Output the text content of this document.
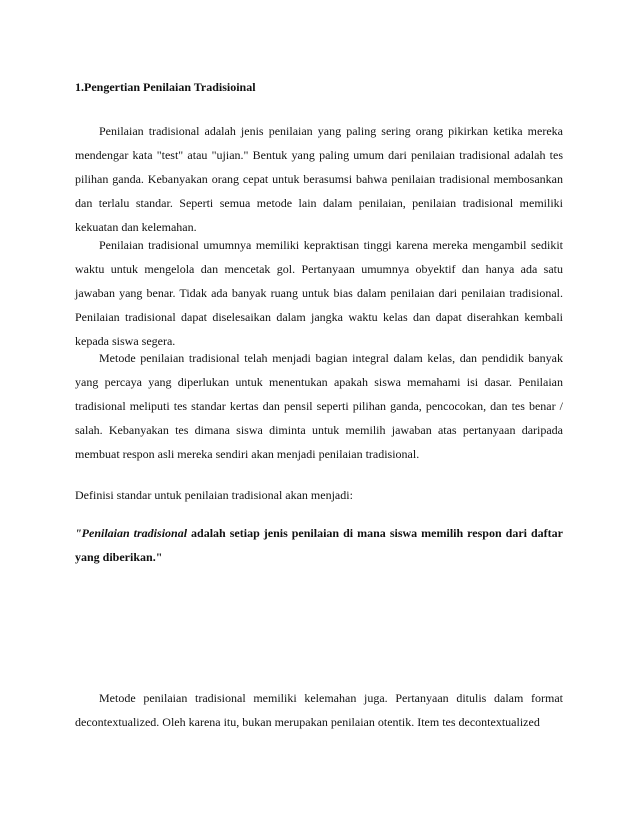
1.Pengertian Penilaian Tradisioinal

Penilaian tradisional adalah jenis penilaian yang paling sering orang pikirkan ketika mereka mendengar kata "test" atau "ujian." Bentuk yang paling umum dari penilaian tradisional adalah tes pilihan ganda. Kebanyakan orang cepat untuk berasumsi bahwa penilaian tradisional membosankan dan terlalu standar. Seperti semua metode lain dalam penilaian, penilaian tradisional memiliki kekuatan dan kelemahan.

Penilaian tradisional umumnya memiliki kepraktisan tinggi karena mereka mengambil sedikit waktu untuk mengelola dan mencetak gol. Pertanyaan umumnya obyektif dan hanya ada satu jawaban yang benar. Tidak ada banyak ruang untuk bias dalam penilaian dari penilaian tradisional. Penilaian tradisional dapat diselesaikan dalam jangka waktu kelas dan dapat diserahkan kembali kepada siswa segera.

Metode penilaian tradisional telah menjadi bagian integral dalam kelas, dan pendidik banyak yang percaya yang diperlukan untuk menentukan apakah siswa memahami isi dasar. Penilaian tradisional meliputi tes standar kertas dan pensil seperti pilihan ganda, pencocokan, dan tes benar / salah. Kebanyakan tes dimana siswa diminta untuk memilih jawaban atas pertanyaan daripada membuat respon asli mereka sendiri akan menjadi penilaian tradisional.

Definisi standar untuk penilaian tradisional akan menjadi:

"Penilaian tradisional adalah setiap jenis penilaian di mana siswa memilih respon dari daftar yang diberikan."

Metode penilaian tradisional memiliki kelemahan juga. Pertanyaan ditulis dalam format decontextualized. Oleh karena itu, bukan merupakan penilaian otentik. Item tes decontextualized
